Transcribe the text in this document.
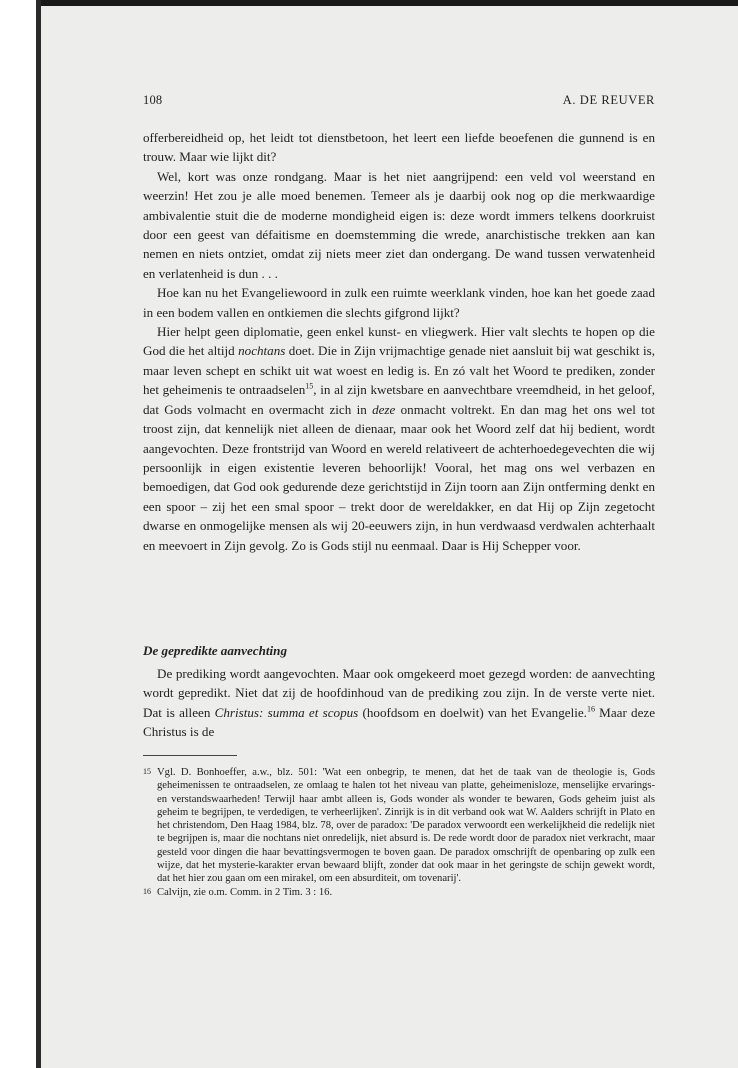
108	A. DE REUVER

offerbereidheid op, het leidt tot dienstbetoon, het leert een liefde beoefenen die gunnend is en trouw. Maar wie lijkt dit?

Wel, kort was onze rondgang. Maar is het niet aangrijpend: een veld vol weerstand en weerzin! Het zou je alle moed benemen. Temeer als je daarbij ook nog op die merkwaardige ambivalentie stuit die de moderne mondigheid eigen is: deze wordt immers telkens doorkruist door een geest van défaitisme en doemstemming die wrede, anarchistische trekken aan kan nemen en niets ontziet, omdat zij niets meer ziet dan ondergang. De wand tussen verwatenheid en verlatenheid is dun . . .

Hoe kan nu het Evangeliewoord in zulk een ruimte weerklank vinden, hoe kan het goede zaad in een bodem vallen en ontkiemen die slechts gifgrond lijkt?

Hier helpt geen diplomatie, geen enkel kunst- en vliegwerk. Hier valt slechts te hopen op die God die het altijd nochtans doet. Die in Zijn vrijmachtige genade niet aansluit bij wat geschikt is, maar leven schept en schikt uit wat woest en ledig is. En zó valt het Woord te prediken, zonder het geheimenis te ontraadselen$^{15}$, in al zijn kwetsbare en aanvechtbare vreemdheid, in het geloof, dat Gods volmacht en overmacht zich in deze onmacht voltrekt. En dan mag het ons wel tot troost zijn, dat kennelijk niet alleen de dienaar, maar ook het Woord zelf dat hij bedient, wordt aangevochten. Deze frontstrijd van Woord en wereld relativeert de achterhoedegevechten die wij persoonlijk in eigen existentie leveren behoorlijk! Vooral, het mag ons wel verbazen en bemoedigen, dat God ook gedurende deze gerichtstijd in Zijn toorn aan Zijn ontferming denkt en een spoor – zij het een smal spoor – trekt door de wereldakker, en dat Hij op Zijn zegetocht dwarse en onmogelijke mensen als wij 20-eeuwers zijn, in hun verdwaasd verdwalen achterhaalt en meevoert in Zijn gevolg. Zo is Gods stijl nu eenmaal. Daar is Hij Schepper voor.

De gepredikte aanvechting

De prediking wordt aangevochten. Maar ook omgekeerd moet gezegd worden: de aanvechting wordt gepredikt. Niet dat zij de hoofdinhoud van de prediking zou zijn. In de verste verte niet. Dat is alleen Christus: summa et scopus (hoofdsom en doelwit) van het Evangelie.$^{16}$ Maar deze Christus is de

15 Vgl. D. Bonhoeffer, a.w., blz. 501: 'Wat een onbegrip, te menen, dat het de taak van de theologie is, Gods geheimenissen te ontraadselen, ze omlaag te halen tot het niveau van platte, geheimenisloze, menselijke ervarings- en verstandswaarheden! Terwijl haar ambt alleen is, Gods wonder als wonder te bewaren, Gods geheim juist als geheim te begrijpen, te verdedigen, te verheerlijken'. Zinrijk is in dit verband ook wat W. Aalders schrijft in Plato en het christendom, Den Haag 1984, blz. 78, over de paradox: 'De paradox verwoordt een werkelijkheid die redelijk niet te begrijpen is, maar die nochtans niet onredelijk, niet absurd is. De rede wordt door de paradox niet verkracht, maar gesteld voor dingen die haar bevattingsvermogen te boven gaan. De paradox omschrijft de openbaring op zulk een wijze, dat het mysterie-karakter ervan bewaard blijft, zonder dat ook maar in het geringste de schijn gewekt wordt, dat het hier zou gaan om een mirakel, om een absurditeit, om tovenarij'.

16 Calvijn, zie o.m. Comm. in 2 Tim. 3 : 16.
